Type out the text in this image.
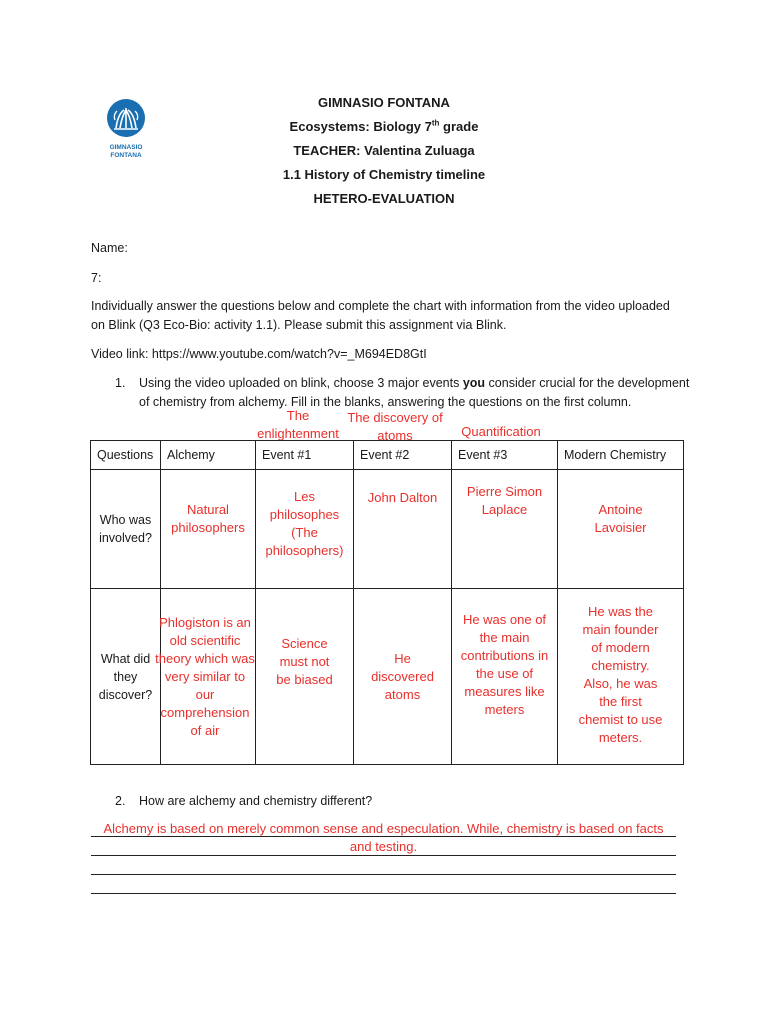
GIMNASIO
FONTANA
GIMNASIO FONTANA
Ecosystems: Biology 7th grade
TEACHER: Valentina Zuluaga
1.1 History of Chemistry timeline
HETERO-EVALUATION
Name:
7:
Individually answer the questions below and complete the chart with information from the video uploaded on Blink (Q3 Eco-Bio: activity 1.1). Please submit this assignment via Blink.
Video link: https://www.youtube.com/watch?v=_M694ED8GtI
1. Using the video uploaded on blink, choose 3 major events you consider crucial for the development of chemistry from alchemy. Fill in the blanks, answering the questions on the first column.
The enlightenment
The discovery of atoms	Quantification
Questions	Alchemy	Event #1	Event #2	Event #3	Modern Chemistry

Who was involved?	Natural philosophers	Les philosophes (The philosophers)	John Dalton	Pierre Simon Laplace	Antoine Lavoisier

What did they discover?	Phlogiston is an old scientific theory which was very similar to our comprehension of air	Science must not be biased	He discovered atoms	He was one of the main contributions in the use of measures like meters	He was the main founder of modern chemistry. Also, he was the first chemist to use meters.
2. How are alchemy and chemistry different?
Alchemy is based on merely common sense and especulation. While, chemistry is based on facts and testing.
